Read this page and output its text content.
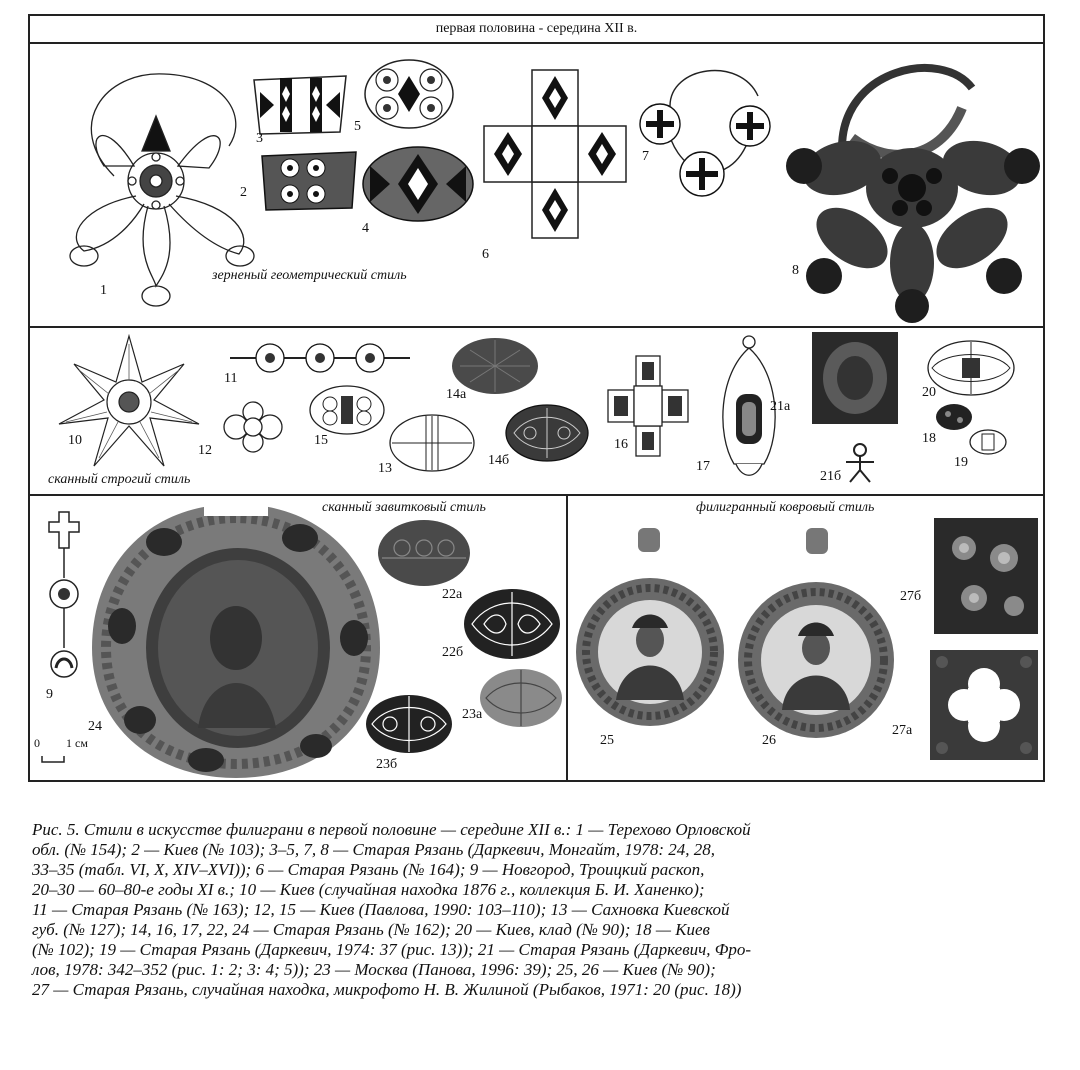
первая половина - середина XII в.
1
3
5
2
4
6
7
8
зерненый геометрический стиль
10
11
14а
12
15
13
14б
16
17
21а
21б
20
18
19
сканный строгий стиль
сканный завитковый стиль
9
24
0 1 см
22а
22б
23а
23б
филигранный ковровый стиль
25	26
27б
27а

Рис. 5. Стили в искусстве филиграни в первой половине — середине XII в.: 1 — Терехово Орловской

обл. (№ 154); 2 — Киев (№ 103); 3–5, 7, 8 — Старая Рязань (Даркевич, Монгайт, 1978: 24, 28,

33–35 (табл. VI, X, XIV–XVI)); 6 — Старая Рязань (№ 164); 9 — Новгород, Троицкий раскоп,

20–30 — 60–80-е годы XI в.; 10 — Киев (случайная находка 1876 г., коллекция Б. И. Ханенко);

11 — Старая Рязань (№ 163); 12, 15 — Киев (Павлова, 1990: 103–110); 13 — Сахновка Киевской

губ. (№ 127); 14, 16, 17, 22, 24 — Старая Рязань (№ 162); 20 — Киев, клад (№ 90); 18 — Киев

(№ 102); 19 — Старая Рязань (Даркевич, 1974: 37 (рис. 13)); 21 — Старая Рязань (Даркевич, Фро-

лов, 1978: 342–352 (рис. 1: 2; 3: 4; 5)); 23 — Москва (Панова, 1996: 39); 25, 26 — Киев (№ 90);

27 — Старая Рязань, случайная находка, микрофото Н. В. Жилиной (Рыбаков, 1971: 20 (рис. 18))
